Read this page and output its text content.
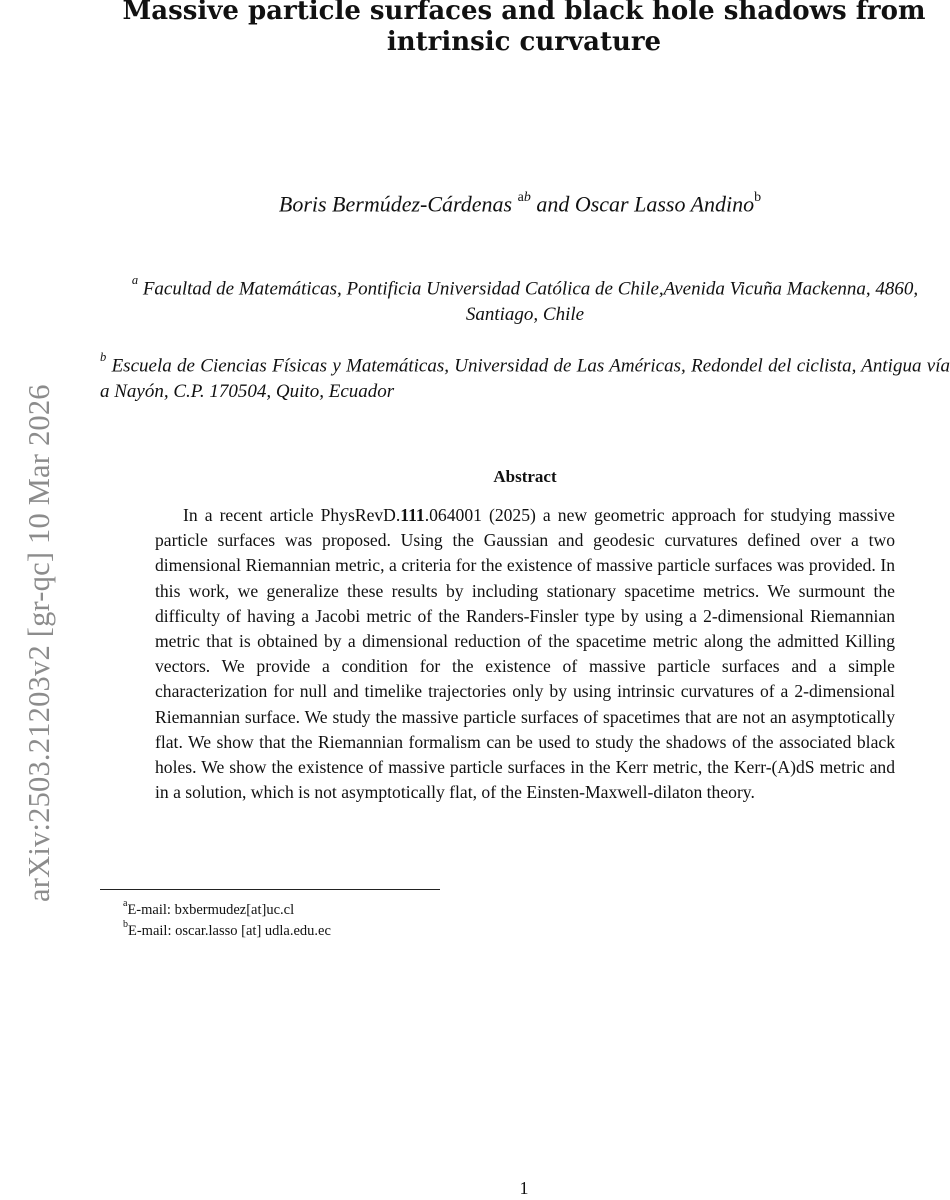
arXiv:2503.21203v2 [gr-qc] 10 Mar 2026
Massive particle surfaces and black hole shadows from
intrinsic curvature
Boris Bermúdez-Cárdenas $^{ab}$ and Oscar Lasso Andino$^b$
$^a$ Facultad de Matemáticas, Pontificia Universidad Católica de Chile,Avenida Vicuña Mackenna, 4860, Santiago, Chile
$^b$ Escuela de Ciencias Físicas y Matemáticas, Universidad de Las Américas, Redondel del ciclista, Antigua vía a Nayón, C.P. 170504, Quito, Ecuador
Abstract

In a recent article PhysRevD.111.064001 (2025) a new geometric approach for studying massive particle surfaces was proposed. Using the Gaussian and geodesic curvatures defined over a two dimensional Riemannian metric, a criteria for the existence of massive particle surfaces was provided. In this work, we generalize these results by including stationary spacetime metrics. We surmount the difficulty of having a Jacobi metric of the Randers-Finsler type by using a 2-dimensional Riemannian metric that is obtained by a dimensional reduction of the spacetime metric along the admitted Killing vectors. We provide a condition for the existence of massive particle surfaces and a simple characterization for null and timelike trajectories only by using intrinsic curvatures of a 2-dimensional Riemannian surface. We study the massive particle surfaces of spacetimes that are not an asymptotically flat. We show that the Riemannian formalism can be used to study the shadows of the associated black holes. We show the existence of massive particle surfaces in the Kerr metric, the Kerr-(A)dS metric and in a solution, which is not asymptotically flat, of the Einsten-Maxwell-dilaton theory.

$^a$E-mail: bxbermudez[at]uc.cl
$^b$E-mail: oscar.lasso [at] udla.edu.ec
1
